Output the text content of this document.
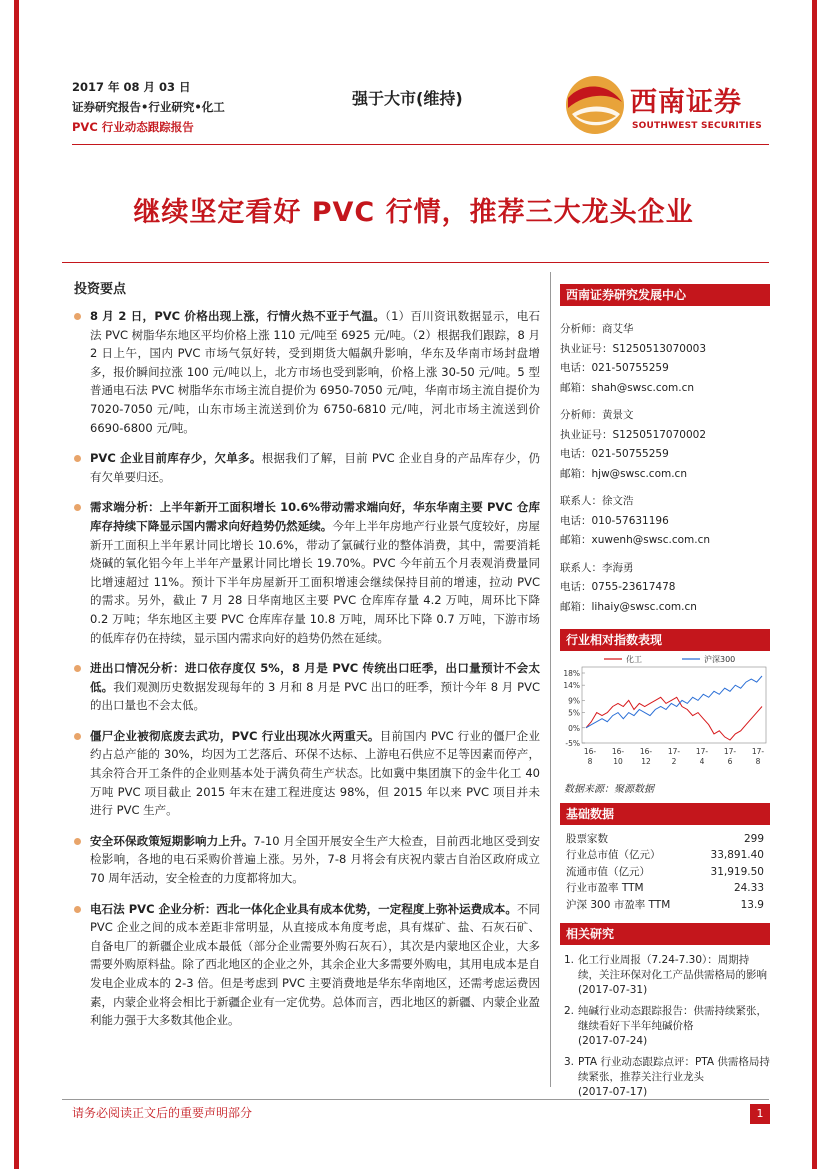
2017 年 08 月 03 日
证券研究报告•行业研究•化工
PVC 行业动态跟踪报告
强于大市(维持)	西南证券
SOUTHWEST SECURITIES
继续坚定看好 PVC 行情，推荐三大龙头企业
投资要点
8 月 2 日，PVC 价格出现上涨，行情火热不亚于气温。（1）百川资讯数据显示，电石法 PVC 树脂华东地区平均价格上涨 110 元/吨至 6925 元/吨。（2）根据我们跟踪，8 月 2 日上午，国内 PVC 市场气氛好转，受到期货大幅飙升影响，华东及华南市场封盘增多，报价瞬间拉涨 100 元/吨以上，北方市场也受到影响，价格上涨 30-50 元/吨。5 型普通电石法 PVC 树脂华东市场主流自提价为 6950-7050 元/吨，华南市场主流自提价为 7020-7050 元/吨，山东市场主流送到价为 6750-6810 元/吨，河北市场主流送到价 6690-6800 元/吨。
PVC 企业目前库存少，欠单多。根据我们了解，目前 PVC 企业自身的产品库存少，仍有欠单要归还。
需求端分析：上半年新开工面积增长 10.6%带动需求端向好，华东华南主要 PVC 仓库库存持续下降显示国内需求向好趋势仍然延续。今年上半年房地产行业景气度较好，房屋新开工面积上半年累计同比增长 10.6%，带动了氯碱行业的整体消费，其中，需要消耗烧碱的氧化铝今年上半年产量累计同比增长 19.70%。PVC 今年前五个月表观消费量同比增速超过 11%。预计下半年房屋新开工面积增速会继续保持目前的增速，拉动 PVC 的需求。另外，截止 7 月 28 日华南地区主要 PVC 仓库库存量 4.2 万吨，周环比下降 0.2 万吨；华东地区主要 PVC 仓库库存量 10.8 万吨，周环比下降 0.7 万吨，下游市场的低库存仍在持续，显示国内需求向好的趋势仍然在延续。
进出口情况分析：进口依存度仅 5%，8 月是 PVC 传统出口旺季，出口量预计不会太低。我们观测历史数据发现每年的 3 月和 8 月是 PVC 出口的旺季，预计今年 8 月 PVC 的出口量也不会太低。
僵尸企业被彻底废去武功，PVC 行业出现冰火两重天。目前国内 PVC 行业的僵尸企业约占总产能的 30%，均因为工艺落后、环保不达标、上游电石供应不足等因素而停产，其余符合开工条件的企业则基本处于满负荷生产状态。比如冀中集团旗下的金牛化工 40 万吨 PVC 项目截止 2015 年末在建工程进度达 98%，但 2015 年以来 PVC 项目并未进行 PVC 生产。
安全环保政策短期影响力上升。7-10 月全国开展安全生产大检查，目前西北地区受到安检影响，各地的电石采购价普遍上涨。另外，7-8 月将会有庆祝内蒙古自治区政府成立 70 周年活动，安全检查的力度都将加大。
电石法 PVC 企业分析：西北一体化企业具有成本优势，一定程度上弥补运费成本。不同 PVC 企业之间的成本差距非常明显，从直接成本角度考虑，具有煤矿、盐、石灰石矿、自备电厂的新疆企业成本最低（部分企业需要外购石灰石），其次是内蒙地区企业，大多需要外购原料盐。除了西北地区的企业之外，其余企业大多需要外购电，其用电成本是自发电企业成本的 2-3 倍。但是考虑到 PVC 主要消费地是华东华南地区，还需考虑运费因素，内蒙企业将会相比于新疆企业有一定优势。总体而言，西北地区的新疆、内蒙企业盈利能力强于大多数其他企业。
西南证券研究发展中心
分析师：商艾华
执业证号：S1250513070003
电话：021-50755259
邮箱：shah@swsc.com.cn
分析师：黄景文
执业证号：S1250517070002
电话：021-50755259
邮箱：hjw@swsc.com.cn
联系人：徐文浩
电话：010-57631196
邮箱：xuwenh@swsc.com.cn
联系人：李海勇
电话：0755-23617478
邮箱：lihaiy@swsc.com.cn
行业相对指数表现
化工	沪深300
18%
14%
9%
5%
0%
-5%
16-
8
16-
10
16-
12
17-
2
17-
4
17-
6
17-
8
数据来源：聚源数据
基础数据
股票家数	299
行业总市值（亿元）	33,891.40
流通市值（亿元）	31,919.50
行业市盈率 TTM	24.33
沪深 300 市盈率 TTM	13.9
相关研究
1. 化工行业周报（7.24-7.30）：周期持续，关注环保对化工产品供需格局的影响
(2017-07-31)
2. 纯碱行业动态跟踪报告：供需持续紧张，继续看好下半年纯碱价格
(2017-07-24)
3. PTA 行业动态跟踪点评：PTA 供需格局持续紧张，推荐关注行业龙头
(2017-07-17)
请务必阅读正文后的重要声明部分	1
